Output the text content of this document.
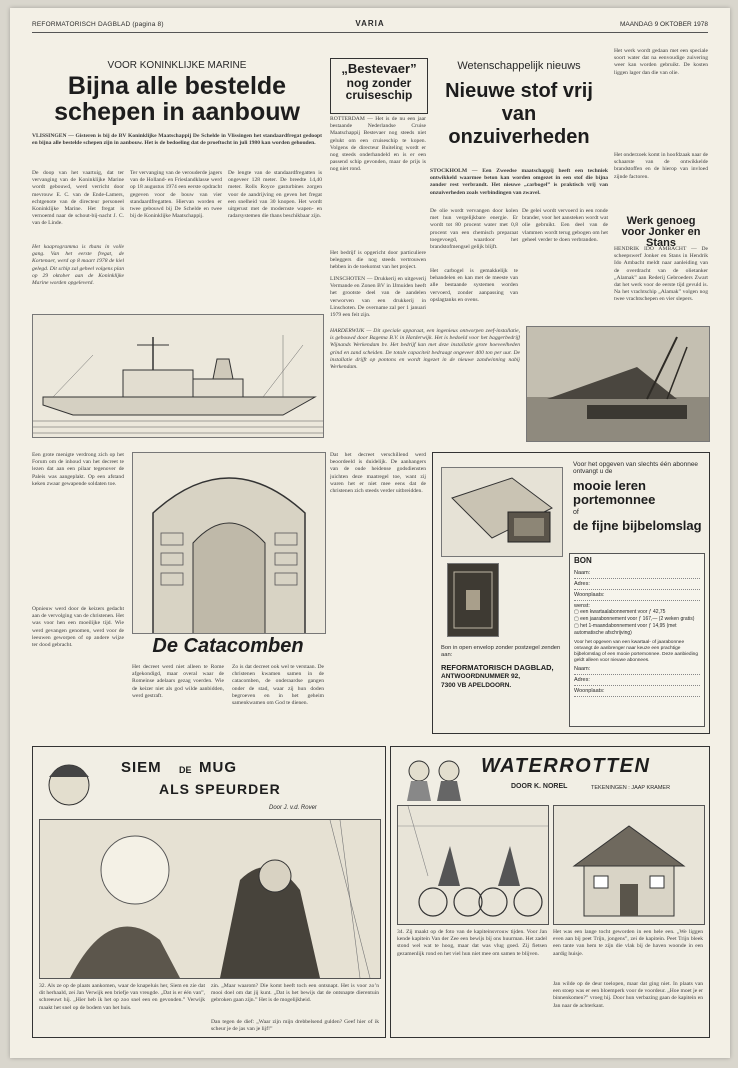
REFORMATORISCH DAGBLAD (pagina 8)	VARIA	MAANDAG 9 OKTOBER 1978
VOOR KONINKLIJKE MARINE
Bijna alle bestelde schepen in aanbouw
VLISSINGEN — Gisteren is bij de BV Koninklijke Maatschappij De Schelde in Vlissingen het standaardfregat gedoopt en bijna alle bestelde schepen zijn in aanbouw. Het is de bedoeling dat de proeftocht in juli 1980 kan worden gehouden.
De doop van het vaartuig, dat ter vervanging van de Koninklijke Marine wordt gebouwd, werd verricht door mevrouw E. C. van de Ende-Lamers, echtgenote van de directeur personeel Koninklijke Marine. Het fregat is vernoemd naar de schout-bij-nacht J. C. van de Linde.
Ter vervanging van de verouderde jagers van de Holland- en Frieslandklasse werd op 18 augustus 1974 een eerste opdracht gegeven voor de bouw van vier standaardfregatten. Hiervan worden er twee gebouwd bij De Schelde en twee bij de Koninklijke Maatschappij.
De lengte van de standaardfregatten is ongeveer 128 meter. De breedte 14,40 meter. Rolls Royce gasturbines zorgen voor de aandrijving en geven het fregat een snelheid van 30 knopen. Het wordt uitgerust met de modernste wapen- en radarsystemen die thans beschikbaar zijn.
Het kaaprogramma is thans in volle gang. Van het eerste fregat, de Kortenaer, werd op 8 maart 1978 de kiel gelegd. Dit schip zal geheel volgens plan op 29 oktober aan de Koninklijke Marine worden opgeleverd.
„Bestevaer”
nog zonder cruiseschip
ROTTERDAM — Het is de nu een jaar bestaande Nederlandse Cruise Maatschappij Bestevaer nog steeds niet gelukt om een cruiseschip te kopen. Volgens de directeur Buiteling wordt er nog steeds onderhandeld en is er een passend schip gevonden, maar de prijs is nog niet rond.
Het bedrijf is opgericht door particuliere beleggers die nog steeds vertrouwen hebben in de toekomst van het project.
LINSCHOTEN — Drukkerij en uitgeverij Vermande en Zonen BV in IJmuiden heeft het grootste deel van de aandelen verworven van een drukkerij in Linschoten. De overname zal per 1 januari 1979 een feit zijn.
Wetenschappelijk nieuws
Nieuwe stof vrij van onzuiverheden
STOCKHOLM — Een Zweedse maatschappij heeft een techniek ontwikkeld waarmee beton kan worden omgezet in een stof die bijna zonder rest verbrandt. Het nieuwe „carbogel” is praktisch vrij van onzuiverheden zoals verbindingen van zwavel.
De olie wordt vervangen door kolen met hun vergelijkbare energie. Er wordt tot 80 procent water met 0,8 procent van een chemisch preparaat toegevoegd, waardoor het brandstofmengsel gelijk blijft.
Het carbogel is gemakkelijk te behandelen en kan met de meeste van alle bestaande systemen worden vervoerd, zonder aanpassing van opslagtanks en ovens.
De gelei wordt vervoerd in een ronde brander, voor het aansteken wordt wat olie gebruikt. Een deel van de vlammen wordt terug gebogen om het geheel verder te doen verbranden.
Het werk wordt gedaan met een speciale soort water dat na eenvoudige zuivering weer kan worden gebruikt. De kosten liggen lager dan die van olie.
Het onderzoek komt in hoofdzaak naar de schaarste van de ontwikkelde brandstoffen en de hierop van invloed zijnde factoren.
Werk genoeg voor Jonker en Stans
HENDRIK IDO AMBACHT — De scheepswerf Jonker en Stans in Hendrik Ido Ambacht meldt naar aanleiding van de overdracht van de olietanker „Alamak” aan Rederij Gebroeders Zwart dat het werk voor de eerste tijd gevuld is. Na het vrachtschip „Alamak” volgen nog twee vrachtschepen en vier slepers.
HARDERWIJK — Dit speciale apparaat, een ingenieus ontworpen zeef-installatie, is gebouwd door Bagema B.V. in Harderwijk. Het is bedoeld voor het baggerbedrijf Wijnands Werkendam bv. Het bedrijf kan met deze installatie grote hoeveelheden grind en zand scheiden. De totale capaciteit bedraagt ongeveer 400 ton per uur. De installatie drijft op pontons en wordt ingezet in de nieuwe zandwinning nabij Werkendam.
Een grote menigte verdrong zich op het Forum om de inhoud van het decreet te lezen dat aan een pilaar tegenover de Paleis was aangeplakt. Op een afstand keken zwaar gewapende soldaten toe.
De Catacomben
Opnieuw werd door de keizers gedacht aan de vervolging van de christenen. Het was voor hen een moeilijke tijd. Wie werd gevangen genomen, werd voor de leeuwen geworpen of op andere wijze ter dood gebracht.
Het decreet werd niet alleen te Rome afgekondigd, maar overal waar de Romeinse adelaars gezag voerden. Wie de keizer niet als god wilde aanbidden, werd gestraft.
Zo is dat decreet ook wel te verstaan. De christenen kwamen samen in de catacomben, de onderaardse gangen onder de stad, waar zij hun doden begroeven en in het geheim samenkwamen om God te dienen.
Dat het decreet verschillend werd beoordeeld is duidelijk. De aanhangers van de oude heidense godsdiensten juichten deze maatregel toe, want zij waren het er niet mee eens dat de christenen zich steeds verder uitbreidden.
Voor het opgeven van slechts één abonnee ontvangt u de
mooie leren portemonnee
of
de fijne bijbelomslag
Bon in open envelop zonder postzegel zenden aan:
REFORMATORISCH DAGBLAD,
ANTWOORDNUMMER 92,
7300 VB APELDOORN.
BON
Naam:
Adres:
Woonplaats:
wenst:
▢ een kwartaalabonnement voor ƒ 42,75
▢ een jaarabonnement voor ƒ 167,— (2 weken gratis)
▢ het 1-maandabonnement voor ƒ 14,95 (met automatische afschrijving)
Voor het opgeven van een kwartaal- of jaarabonnee ontvangt de aanbrenger naar keuze een prachtige bijbelomslag of een mooie portemonnee. Deze aanbieding geldt alleen voor nieuwe abonnees.
Naam:
Adres:
Woonplaats:
SIEM DE MUG
ALS SPEURDER
Door J. v.d. Rover
32. Als ze op de plaats aankomen, waar de knapeluis her, Siem en zie dat dit herhaald, zei Jan Verwijk een briefje van vreugde. „Dat is er één van”, schreeuwt hij. „Hier heb ik het op zoo snel een en gevonden.” Verwijk maakt het snel op de bodem van het huis.
zin. „Maar waarom? Die komt heeft toch een ontsnapt. Het is voor zo’n mooi doel om dat jij kunt. „Dat is het bewijs dat de ontsnapte dierentuin gebroken gaan zijn.” Het is de mogelijkheid.
Dan tegen de dief: „Waar zijn mijn drebbelsend gulden? Geef hier of ik scheur je de jas van je lijf!”
WATERROTTEN
DOOR K. NOREL	TEKENINGEN : JAAP KRAMER
34. Zij maakt op de foto van de kapiteinsvrouw tijden. Voor Jan kende kapitein Van der Zee een bewijs bij ons huurman. Het zadel stond wel wat te hoog, maar dat was vlug goed. Zij fietsen gezamenlijk rond en het viel hun niet mee om samen te blijven.
Het was een lange tocht geworden in een hele een. „We liggen even aan bij peet Trijn, jongens”, zei de kapitein. Peet Trijn bleek een tante van hem te zijn die vlak bij de haven woonde in een aardig huisje.
Jan wilde op de deur toelopen, maar dat ging niet. In plaats van een stoep was er een bloemperk voor de voordeur. „Hoe moet je er binnenkomen?” vroeg hij. Door hun verbazing gaan de kapitein en Jan naar de achterkant.
